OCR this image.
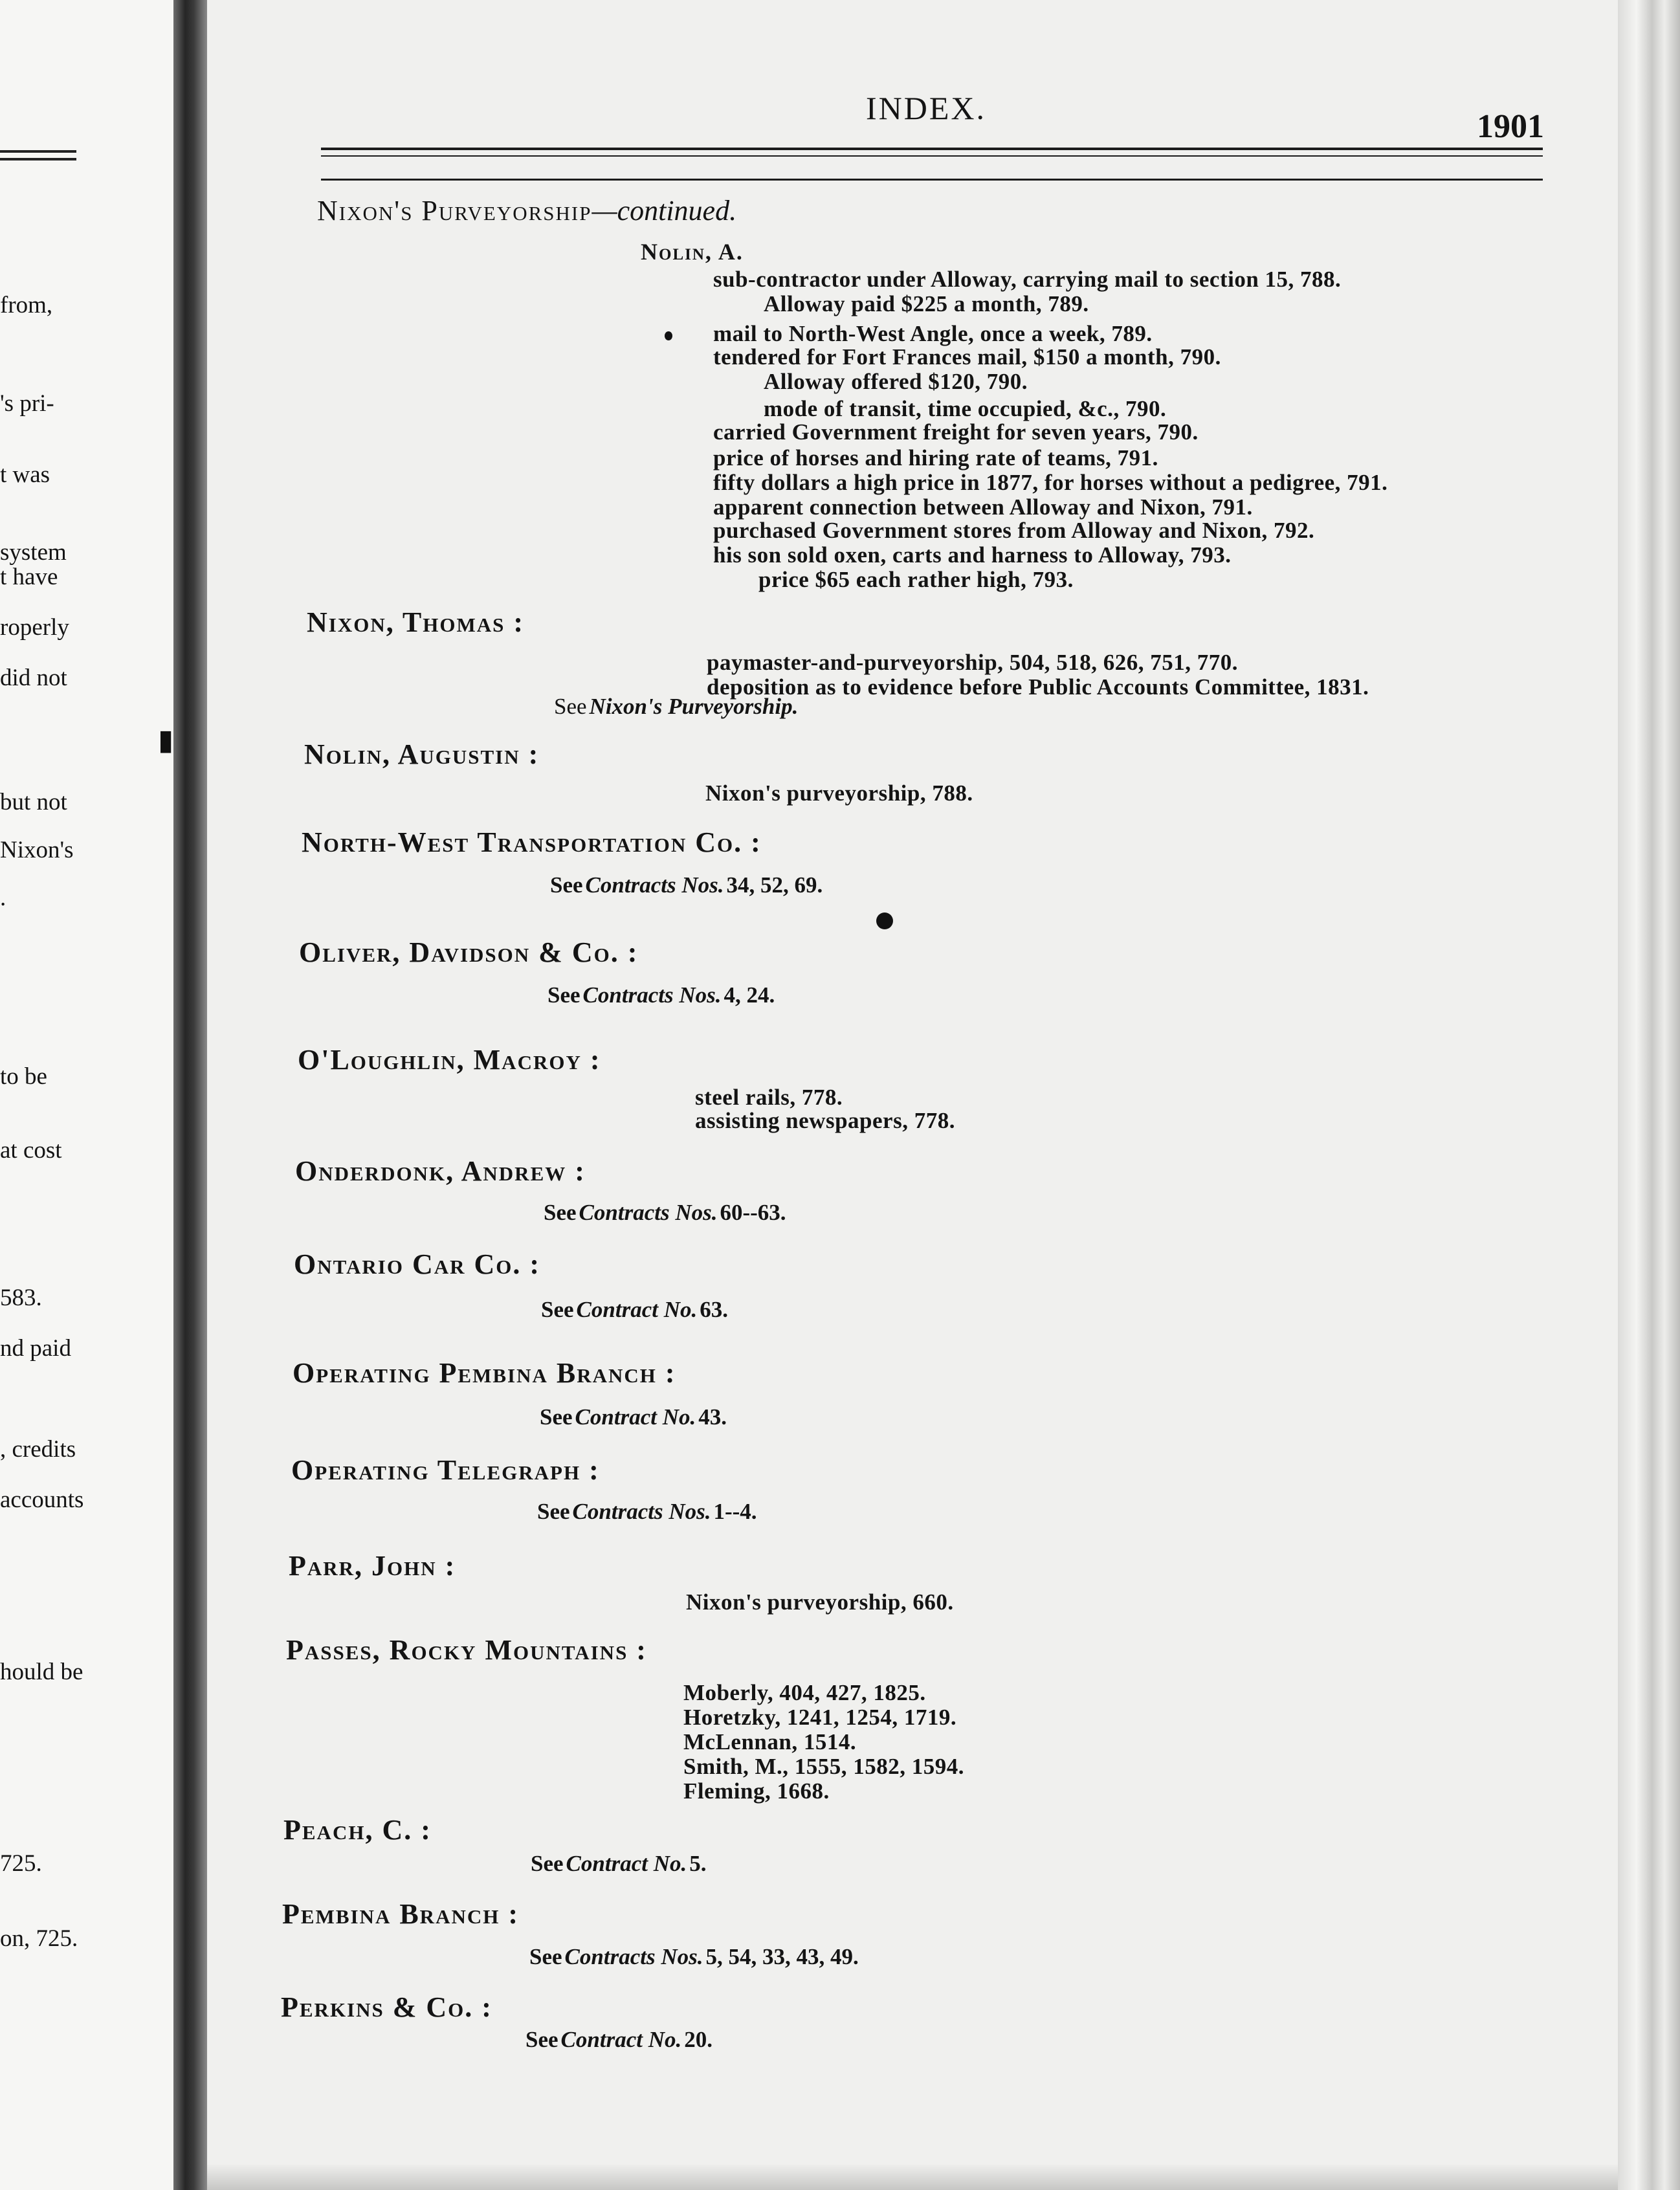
from,
's pri-
t was
system
t have
roperly
did not
but not
Nixon's
.
to be
at cost
583.
nd paid
, credits
accounts
hould be
725.
on, 725.
▮
INDEX.	1901
Nixon's Purveyorship—continued.
Nolin, A.
sub-contractor under Alloway, carrying mail to section 15, 788.
Alloway paid $225 a month, 789.
mail to North-West Angle, once a week, 789.
tendered for Fort Frances mail, $150 a month, 790.
Alloway offered $120, 790.
mode of transit, time occupied, &c., 790.
carried Government freight for seven years, 790.
price of horses and hiring rate of teams, 791.
fifty dollars a high price in 1877, for horses without a pedigree, 791.
apparent connection between Alloway and Nixon, 791.
purchased Government stores from Alloway and Nixon, 792.
his son sold oxen, carts and harness to Alloway, 793.
price $65 each rather high, 793.
Nixon, Thomas :
paymaster-and-purveyorship, 504, 518, 626, 751, 770.
deposition as to evidence before Public Accounts Committee, 1831.
See Nixon's Purveyorship.
Nolin, Augustin :
Nixon's purveyorship, 788.
North-West Transportation Co. :
See Contracts Nos. 34, 52, 69.
Oliver, Davidson & Co. :
See Contracts Nos. 4, 24.
O'Loughlin, Macroy :
steel rails, 778.
assisting newspapers, 778.
Onderdonk, Andrew :
See Contracts Nos. 60--63.
Ontario Car Co. :
See Contract No. 63.
Operating Pembina Branch :
See Contract No. 43.
Operating Telegraph :
See Contracts Nos. 1--4.
Parr, John :
Nixon's purveyorship, 660.
Passes, Rocky Mountains :
Moberly, 404, 427, 1825.
Horetzky, 1241, 1254, 1719.
McLennan, 1514.
Smith, M., 1555, 1582, 1594.
Fleming, 1668.
Peach, C. :
See Contract No. 5.
Pembina Branch :
See Contracts Nos. 5, 54, 33, 43, 49.
Perkins & Co. :
See Contract No. 20.
